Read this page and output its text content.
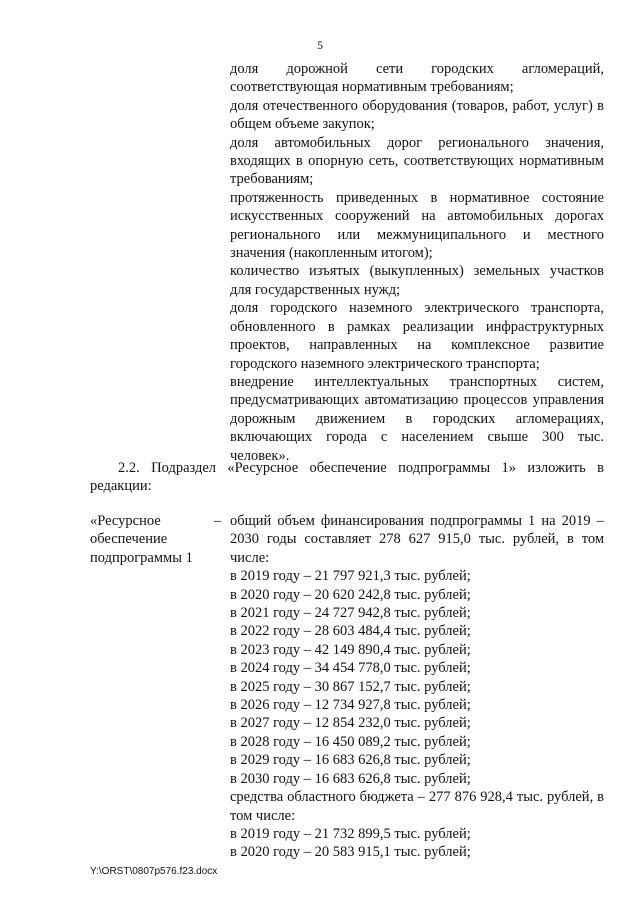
5

доля дорожной сети городских агломераций, соответствующая нормативным требованиям;

доля отечественного оборудования (товаров, работ, услуг) в общем объеме закупок;

доля автомобильных дорог регионального значения, входящих в опорную сеть, соответствующих нормативным требованиям;

протяженность приведенных в нормативное состояние искусственных сооружений на автомобильных дорогах регионального или межмуниципального и местного значения (накопленным итогом);

количество изъятых (выкупленных) земельных участков для государственных нужд;

доля городского наземного электрического транспорта, обновленного в рамках реализации инфраструктурных проектов, направленных на комплексное развитие городского наземного электрического транспорта;

внедрение интеллектуальных транспортных систем, предусматривающих автоматизацию процессов управления дорожным движением в городских агломерациях, включающих города с населением свыше 300 тыс. человек».

2.2. Подраздел «Ресурсное обеспечение подпрограммы 1» изложить в редакции:

«Ресурсное обеспечение подпрограммы 1
– общий объем финансирования подпрограммы 1 на 2019 – 2030 годы составляет 278 627 915,0 тыс. рублей, в том числе:

в 2019 году – 21 797 921,3 тыс. рублей;

в 2020 году – 20 620 242,8 тыс. рублей;

в 2021 году – 24 727 942,8 тыс. рублей;

в 2022 году – 28 603 484,4 тыс. рублей;

в 2023 году – 42 149 890,4 тыс. рублей;

в 2024 году – 34 454 778,0 тыс. рублей;

в 2025 году – 30 867 152,7 тыс. рублей;

в 2026 году – 12 734 927,8 тыс. рублей;

в 2027 году – 12 854 232,0 тыс. рублей;

в 2028 году – 16 450 089,2 тыс. рублей;

в 2029 году – 16 683 626,8 тыс. рублей;

в 2030 году – 16 683 626,8 тыс. рублей;

средства областного бюджета – 277 876 928,4 тыс. рублей, в том числе:

в 2019 году – 21 732 899,5 тыс. рублей;

в 2020 году – 20 583 915,1 тыс. рублей;

Y:\ORST\0807p576.f23.docx
